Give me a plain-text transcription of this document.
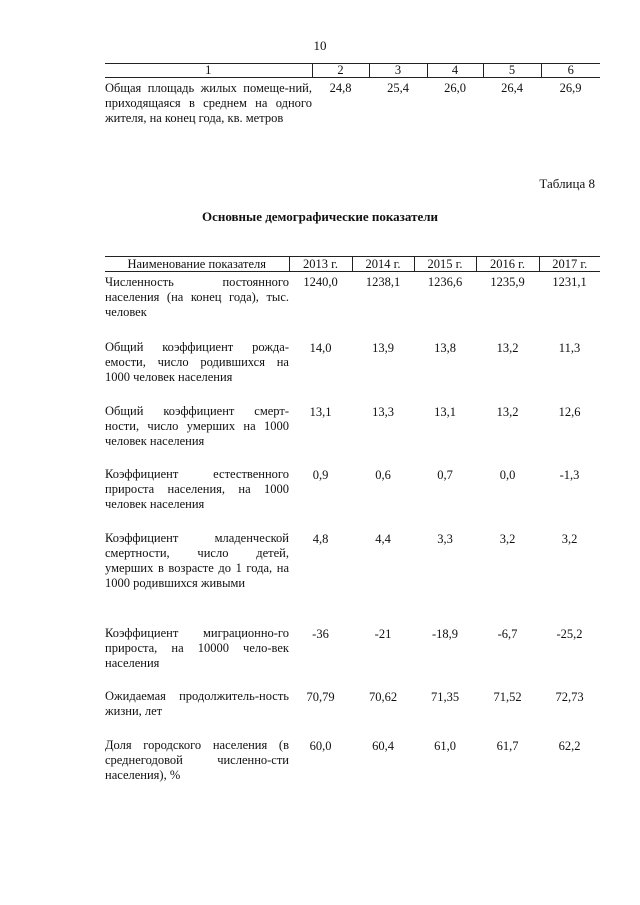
10
1	2	3	4	5	6
Общая площадь жилых помеще-ний, приходящаяся в среднем на одного жителя, на конец года, кв. метров	24,8	25,4	26,0	26,4	26,9
Таблица 8
Основные демографические показатели
Наименование показателя	2013 г.	2014 г.	2015 г.	2016 г.	2017 г.
Численность постоянного населения (на конец года), тыс. человек	1240,0	1238,1	1236,6	1235,9	1231,1
Общий коэффициент рожда-емости, число родившихся на 1000 человек населения	14,0	13,9	13,8	13,2	11,3
Общий коэффициент смерт-ности, число умерших на 1000 человек населения	13,1	13,3	13,1	13,2	12,6
Коэффициент естественного прироста населения, на 1000 человек населения	0,9	0,6	0,7	0,0	-1,3
Коэффициент младенческой смертности, число детей, умерших в возрасте до 1 года, на 1000 родившихся живыми	4,8	4,4	3,3	3,2	3,2
Коэффициент миграционно-го прироста, на 10000 чело-век населения	-36	-21	-18,9	-6,7	-25,2
Ожидаемая продолжитель-ность жизни, лет	70,79	70,62	71,35	71,52	72,73
Доля городского населения (в среднегодовой численно-сти населения), %	60,0	60,4	61,0	61,7	62,2
